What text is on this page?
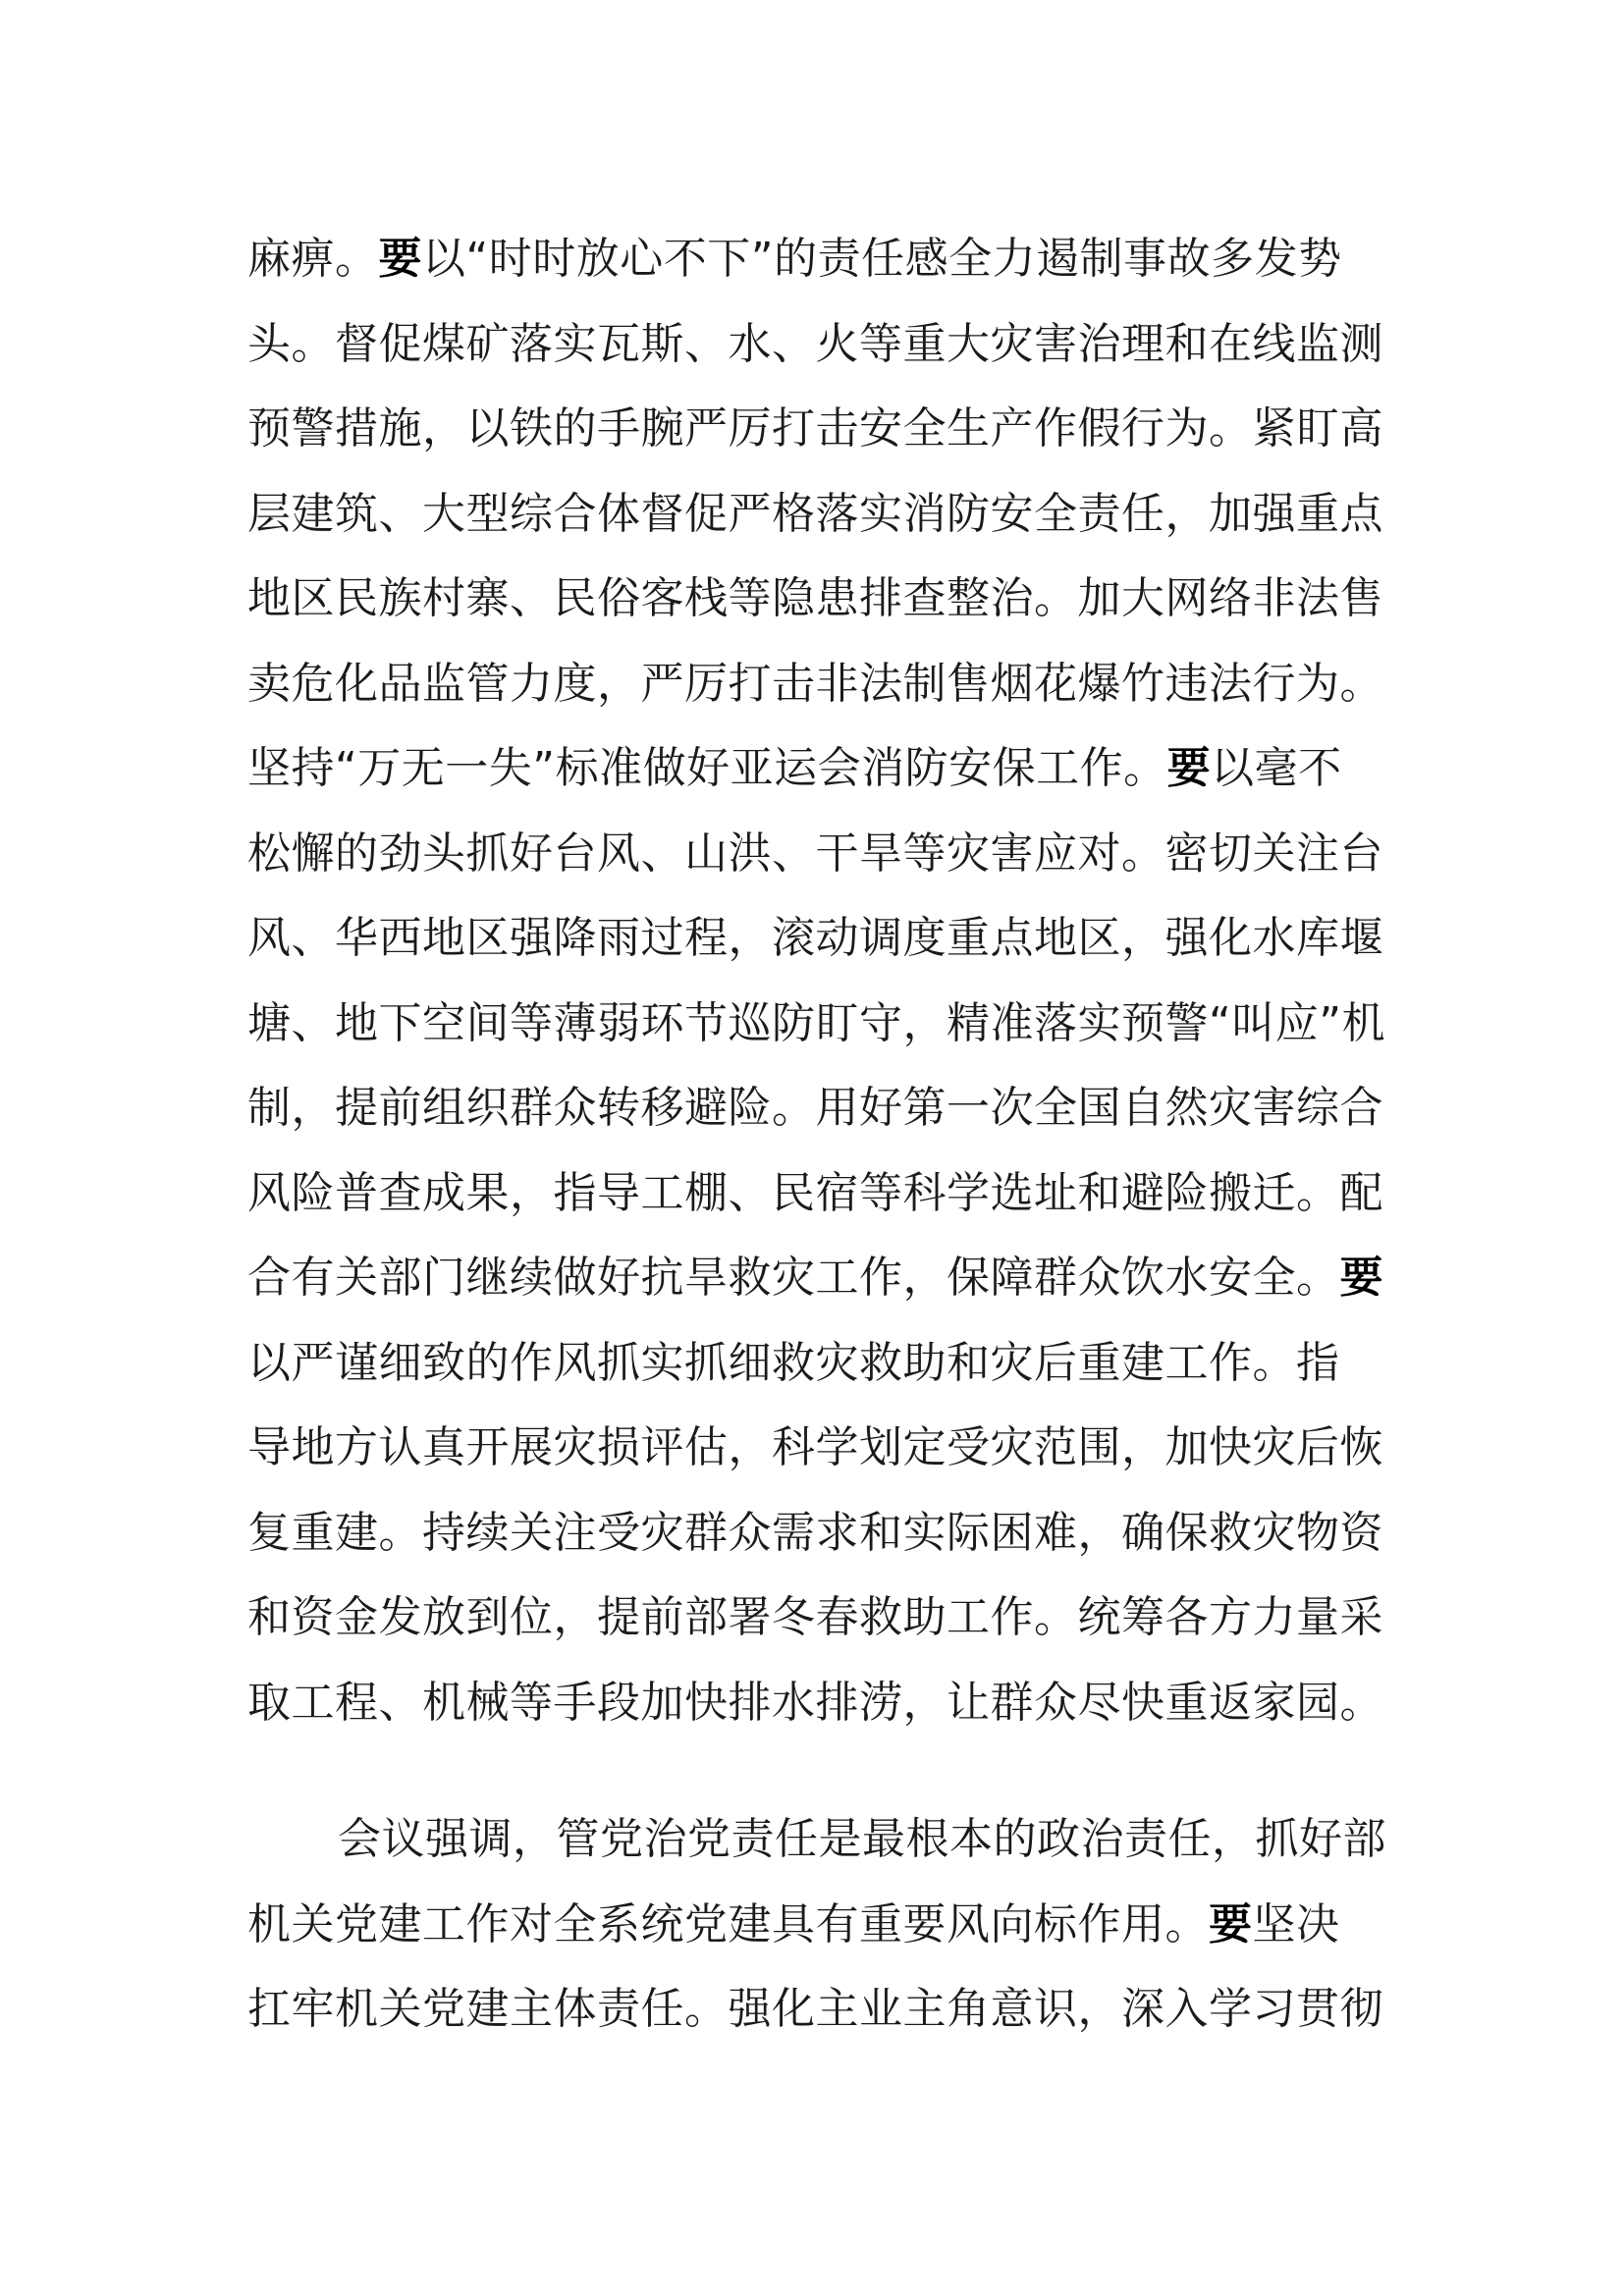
麻痹。要以“时时放心不下”的责任感全力遏制事故多发势
头。督促煤矿落实瓦斯、水、火等重大灾害治理和在线监测
预警措施，以铁的手腕严厉打击安全生产作假行为。紧盯高
层建筑、大型综合体督促严格落实消防安全责任，加强重点
地区民族村寨、民俗客栈等隐患排查整治。加大网络非法售
卖危化品监管力度，严厉打击非法制售烟花爆竹违法行为。
坚持“万无一失”标准做好亚运会消防安保工作。要以毫不
松懈的劲头抓好台风、山洪、干旱等灾害应对。密切关注台
风、华西地区强降雨过程，滚动调度重点地区，强化水库堰
塘、地下空间等薄弱环节巡防盯守，精准落实预警“叫应”机
制，提前组织群众转移避险。用好第一次全国自然灾害综合
风险普查成果，指导工棚、民宿等科学选址和避险搬迁。配
合有关部门继续做好抗旱救灾工作，保障群众饮水安全。要
以严谨细致的作风抓实抓细救灾救助和灾后重建工作。指
导地方认真开展灾损评估，科学划定受灾范围，加快灾后恢
复重建。持续关注受灾群众需求和实际困难，确保救灾物资
和资金发放到位，提前部署冬春救助工作。统筹各方力量采
取工程、机械等手段加快排水排涝，让群众尽快重返家园。
会议强调，管党治党责任是最根本的政治责任，抓好部
机关党建工作对全系统党建具有重要风向标作用。要坚决
扛牢机关党建主体责任。强化主业主角意识，深入学习贯彻
